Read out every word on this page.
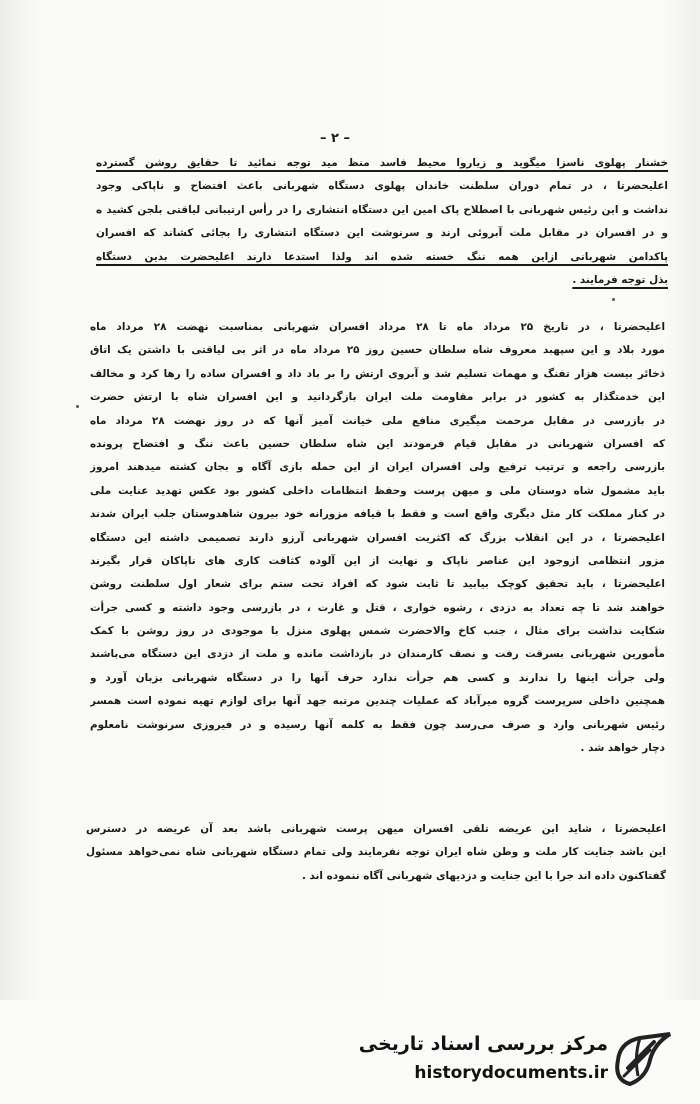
– ۲ –
خشنار پهلوی ناسزا میگوید و زیاروا محیط فاسد منظ مید توجه نمائید تا حقایق روشن گسترده
اعلیحضرتا ، در تمام دوران سلطنت خاندان پهلوی دستگاه شهربانی باعث افتضاح و ناپاکی وجود
نداشت و این رئیس شهربانی با اصطلاح پاک امین این دستگاه انتشاری را در رأس ارتیبانی لیاقتی بلجن کشید ه
و در افسران در مقابل ملت آبروئی ارند و سرنوشت این دستگاه انتشاری را بجائی کشاند که افسران
پاکدامن شهربانی ازاین همه ننگ خسته شده اند ولذا استدعا دارند اعلیحضرت بدین دستگاه
بذل توجه فرمایند .
اعلیحضرتا ، در تاریخ ۲۵ مرداد ماه تا ۲۸ مرداد افسران شهربانی بمناسبت نهضت ۲۸ مرداد ماه
مورد بلاد و این سپهبد معروف شاه سلطان حسین روز ۲۵ مرداد ماه در اثر بی لیاقتی با داشتن یک اتاق
ذخائر بیست هزار تفنگ و مهمات تسلیم شد و آبروی ارتش را بر باد داد و افسران ساده را رها کرد و مخالف
این خدمتگذار به کشور در برابر مقاومت ملت ایران بازگردانید و این افسران شاه با ارتش حضرت
در بازرسی در مقابل مرحمت میگیری منافع ملی خیانت آمیز آنها که در روز نهضت ۲۸ مرداد ماه
که افسران شهربانی در مقابل قیام فرمودند این شاه سلطان حسین باعث ننگ و افتضاح پرونده
بازرسی راجعه و ترتیب ترفیع ولی افسران ایران از این حمله بازی آگاه و بجان کشته میدهند امروز
باید مشمول شاه دوستان ملی و میهن پرست وحفظ انتظامات داخلی کشور بود عکس تهدید عنایت ملی
در کنار مملکت کار مثل دیگری واقع است و فقط با قیافه مزورانه خود بیرون شاهدوستان جلب ایران شدند
اعلیحضرتا ، در این انقلاب بزرگ که اکثریت افسران شهربانی آرزو دارند تصمیمی داشته این دستگاه
مزور انتظامی ازوجود این عناصر ناپاک و نهایت از این آلوده کثافت کاری های ناپاکان قرار بگیرند
اعلیحضرتا ، باید تحقیق کوچک بیابید تا ثابت شود که افراد تحت ستم برای شعار اول سلطنت روشن
خواهند شد تا چه تعداد به دزدی ، رشوه خواری ، قتل و غارت ، در بازرسی وجود داشته و کسی جرأت
شکایت نداشت برای مثال ، جنب کاخ والاحضرت شمس پهلوی منزل با موجودی در روز روشن با کمک
مأمورین شهربانی بسرقت رفت و نصف کارمندان در بازداشت مانده و ملت از دزدی این دستگاه می‌باشند
ولی جرأت اینها را ندارند و کسی هم جرأت ندارد حرف آنها را در دستگاه شهربانی بزبان آورد و
همچنین داخلی سرپرست گروه میرآباد که عملیات چندین مرتبه جهد آنها برای لوازم تهیه نموده است همسر
رئیس شهربانی وارد و صرف می‌رسد چون فقط به کلمه آنها رسیده و در فیروزی سرنوشت نامعلوم
دچار خواهد شد .
اعلیحضرتا ، شاید این عریضه تلقی افسران میهن پرست شهربانی باشد بعد آن عریضه در دسترس
این باشد جنایت کار ملت و وطن شاه ایران توجه نفرمایند ولی تمام دستگاه شهربانی شاه نمی‌خواهد مسئول
گفتاکنون داده اند جرا با این جنایت و دزدیهای شهربانی آگاه ننموده اند .
مرکز بررسی اسناد تاریخی
historydocuments.ir
